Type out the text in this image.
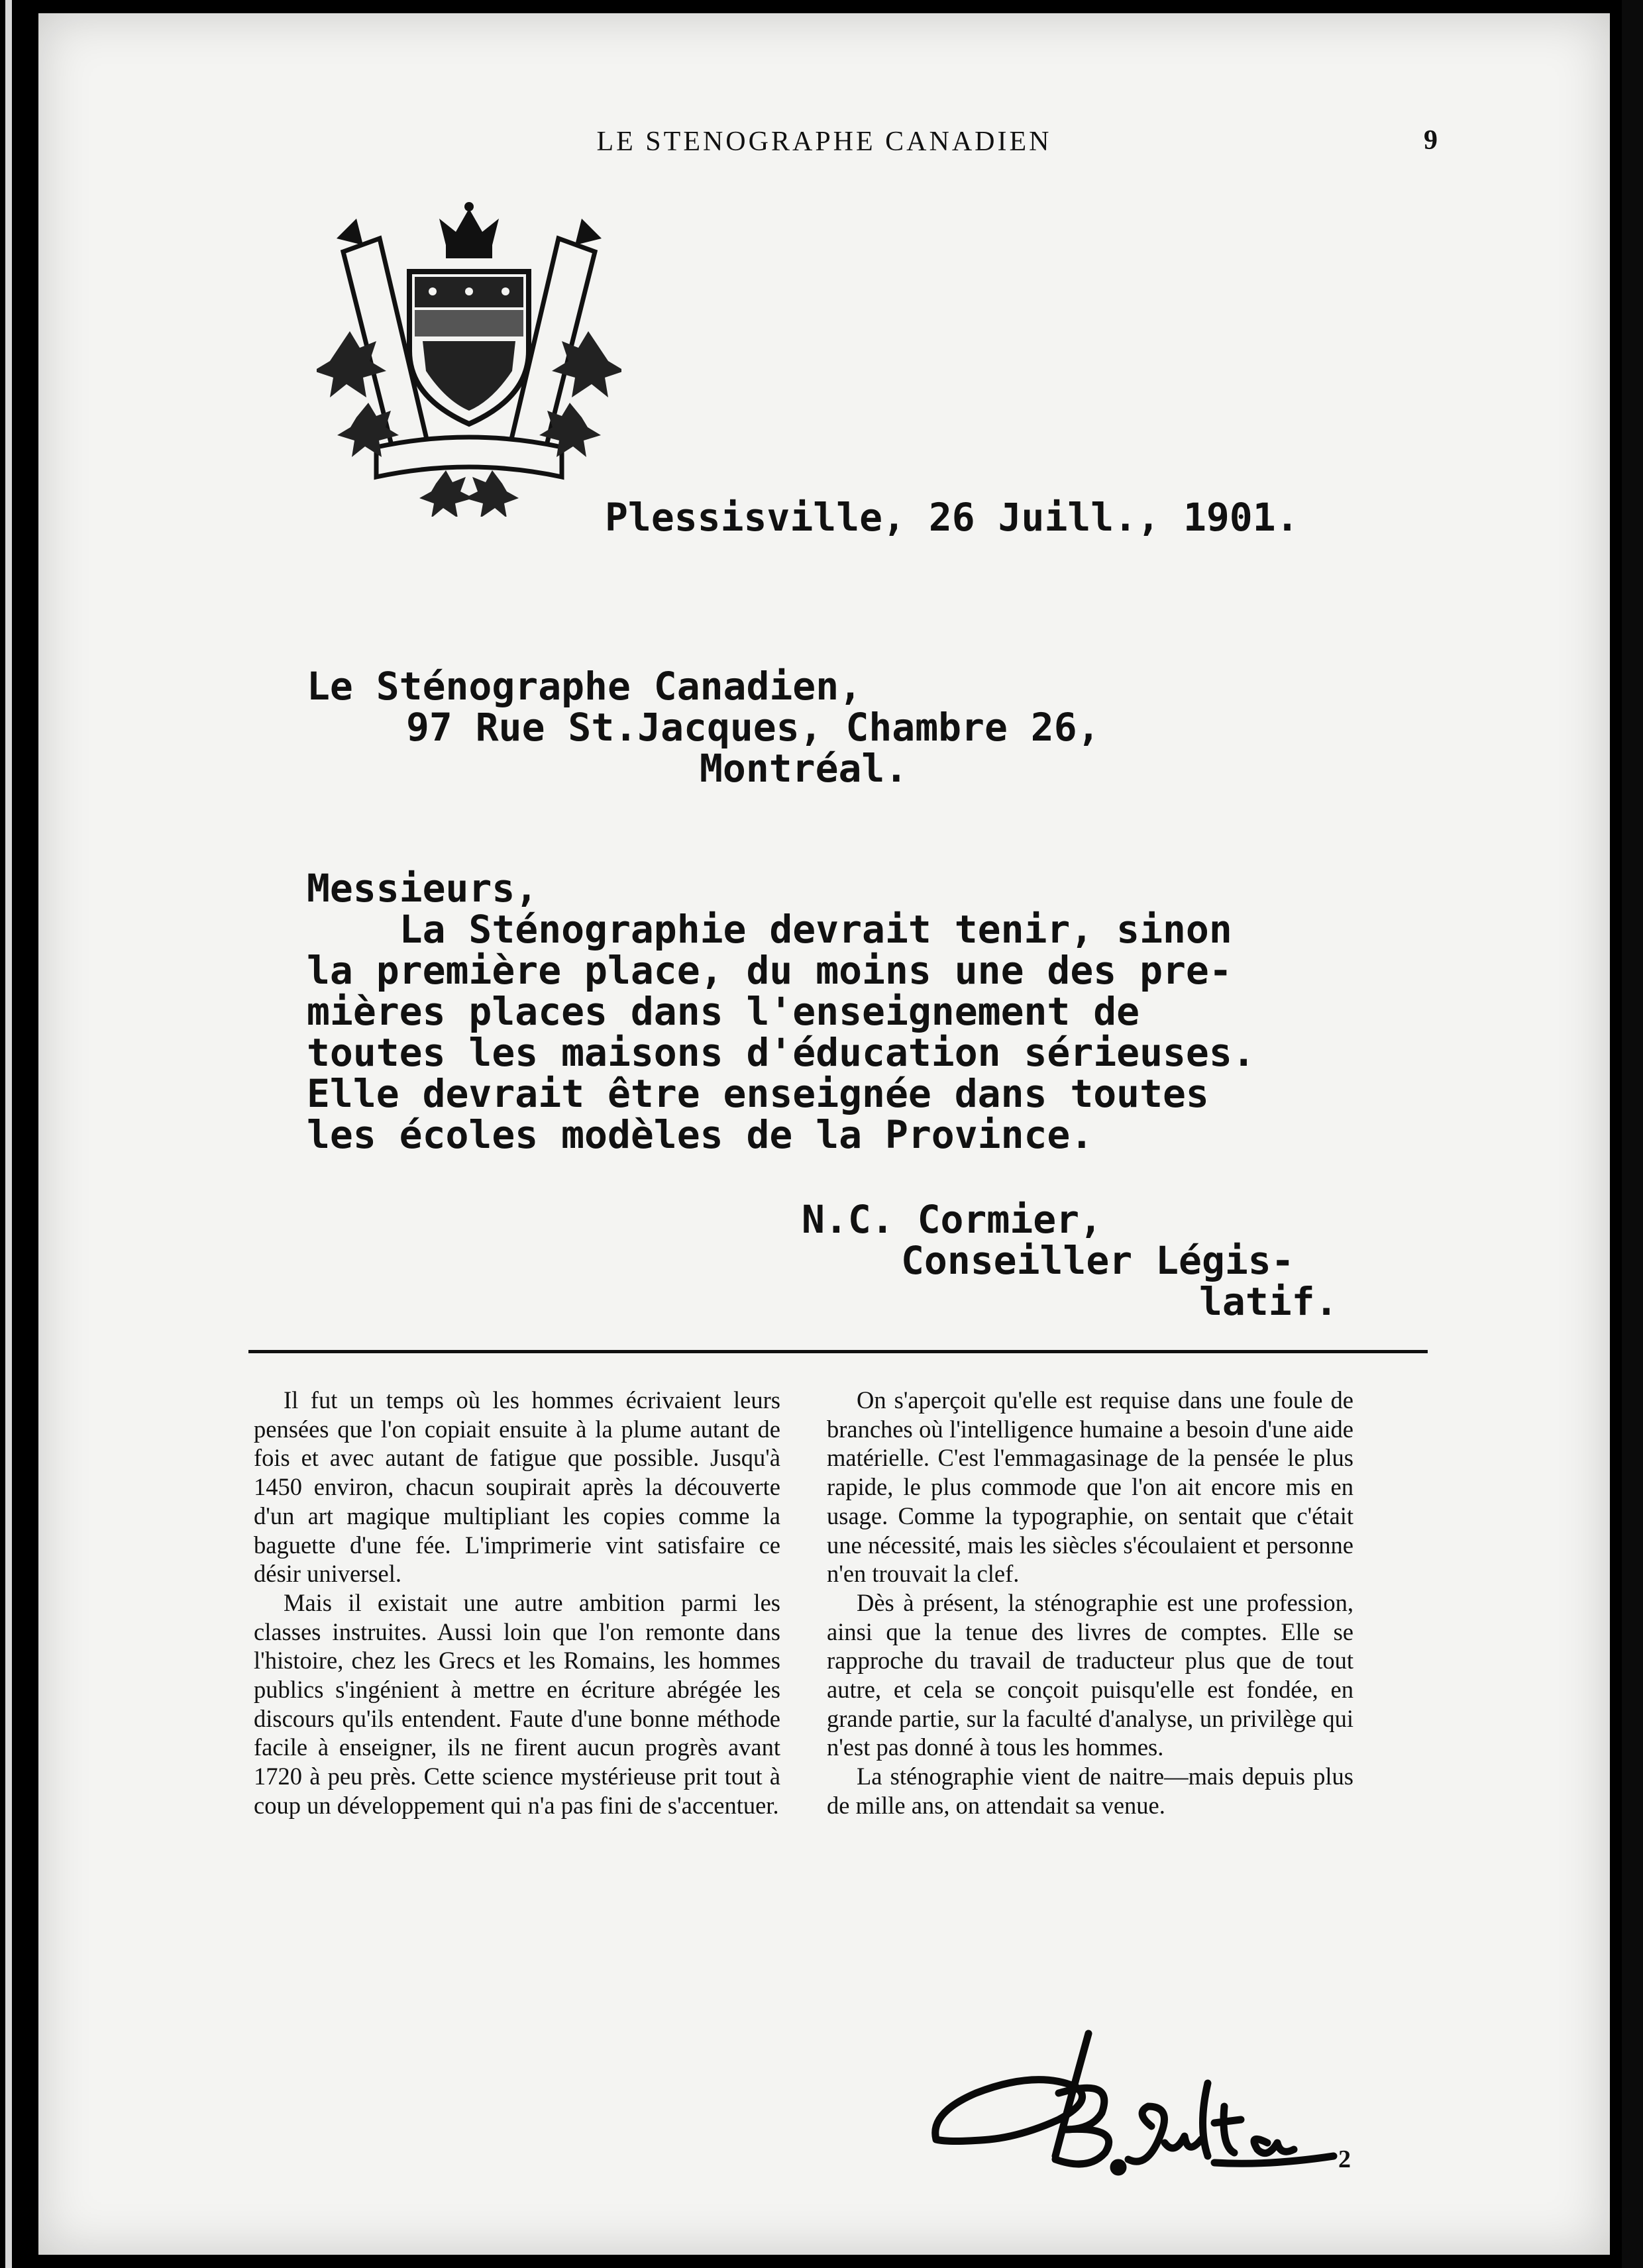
LE STENOGRAPHE CANADIEN	9
Plessisville, 26 Juill., 1901.
Le Sténographe Canadien,
97 Rue St.Jacques, Chambre 26,
Montréal.
Messieurs,
La Sténographie devrait tenir, sinon
la première place, du moins une des pre-
mières places dans l'enseignement de
toutes les maisons d'éducation sérieuses.
Elle devrait être enseignée dans toutes
les écoles modèles de la Province.
N.C. Cormier,
Conseiller Légis-
latif.

Il fut un temps où les hommes écrivaient leurs pensées que l'on copiait ensuite à la plume autant de fois et avec autant de fatigue que possible. Jusqu'à 1450 environ, chacun soupirait après la découverte d'un art magique multipliant les copies comme la baguette d'une fée. L'imprimerie vint satisfaire ce désir universel.

Mais il existait une autre ambition parmi les classes instruites. Aussi loin que l'on remonte dans l'histoire, chez les Grecs et les Romains, les hommes publics s'ingénient à mettre en écriture abrégée les discours qu'ils entendent. Faute d'une bonne méthode facile à enseigner, ils ne firent aucun progrès avant 1720 à peu près. Cette science mystérieuse prit tout à coup un développement qui n'a pas fini de s'accentuer.

On s'aperçoit qu'elle est requise dans une foule de branches où l'intelligence humaine a besoin d'une aide matérielle. C'est l'emmagasinage de la pensée le plus rapide, le plus commode que l'on ait encore mis en usage. Comme la typographie, on sentait que c'était une nécessité, mais les siècles s'écoulaient et personne n'en trouvait la clef.

Dès à présent, la sténographie est une profession, ainsi que la tenue des livres de comptes. Elle se rapproche du travail de traducteur plus que de tout autre, et cela se conçoit puisqu'elle est fondée, en grande partie, sur la faculté d'analyse, un privilège qui n'est pas donné à tous les hommes.

La sténographie vient de naitre—mais depuis plus de mille ans, on attendait sa venue.

2
